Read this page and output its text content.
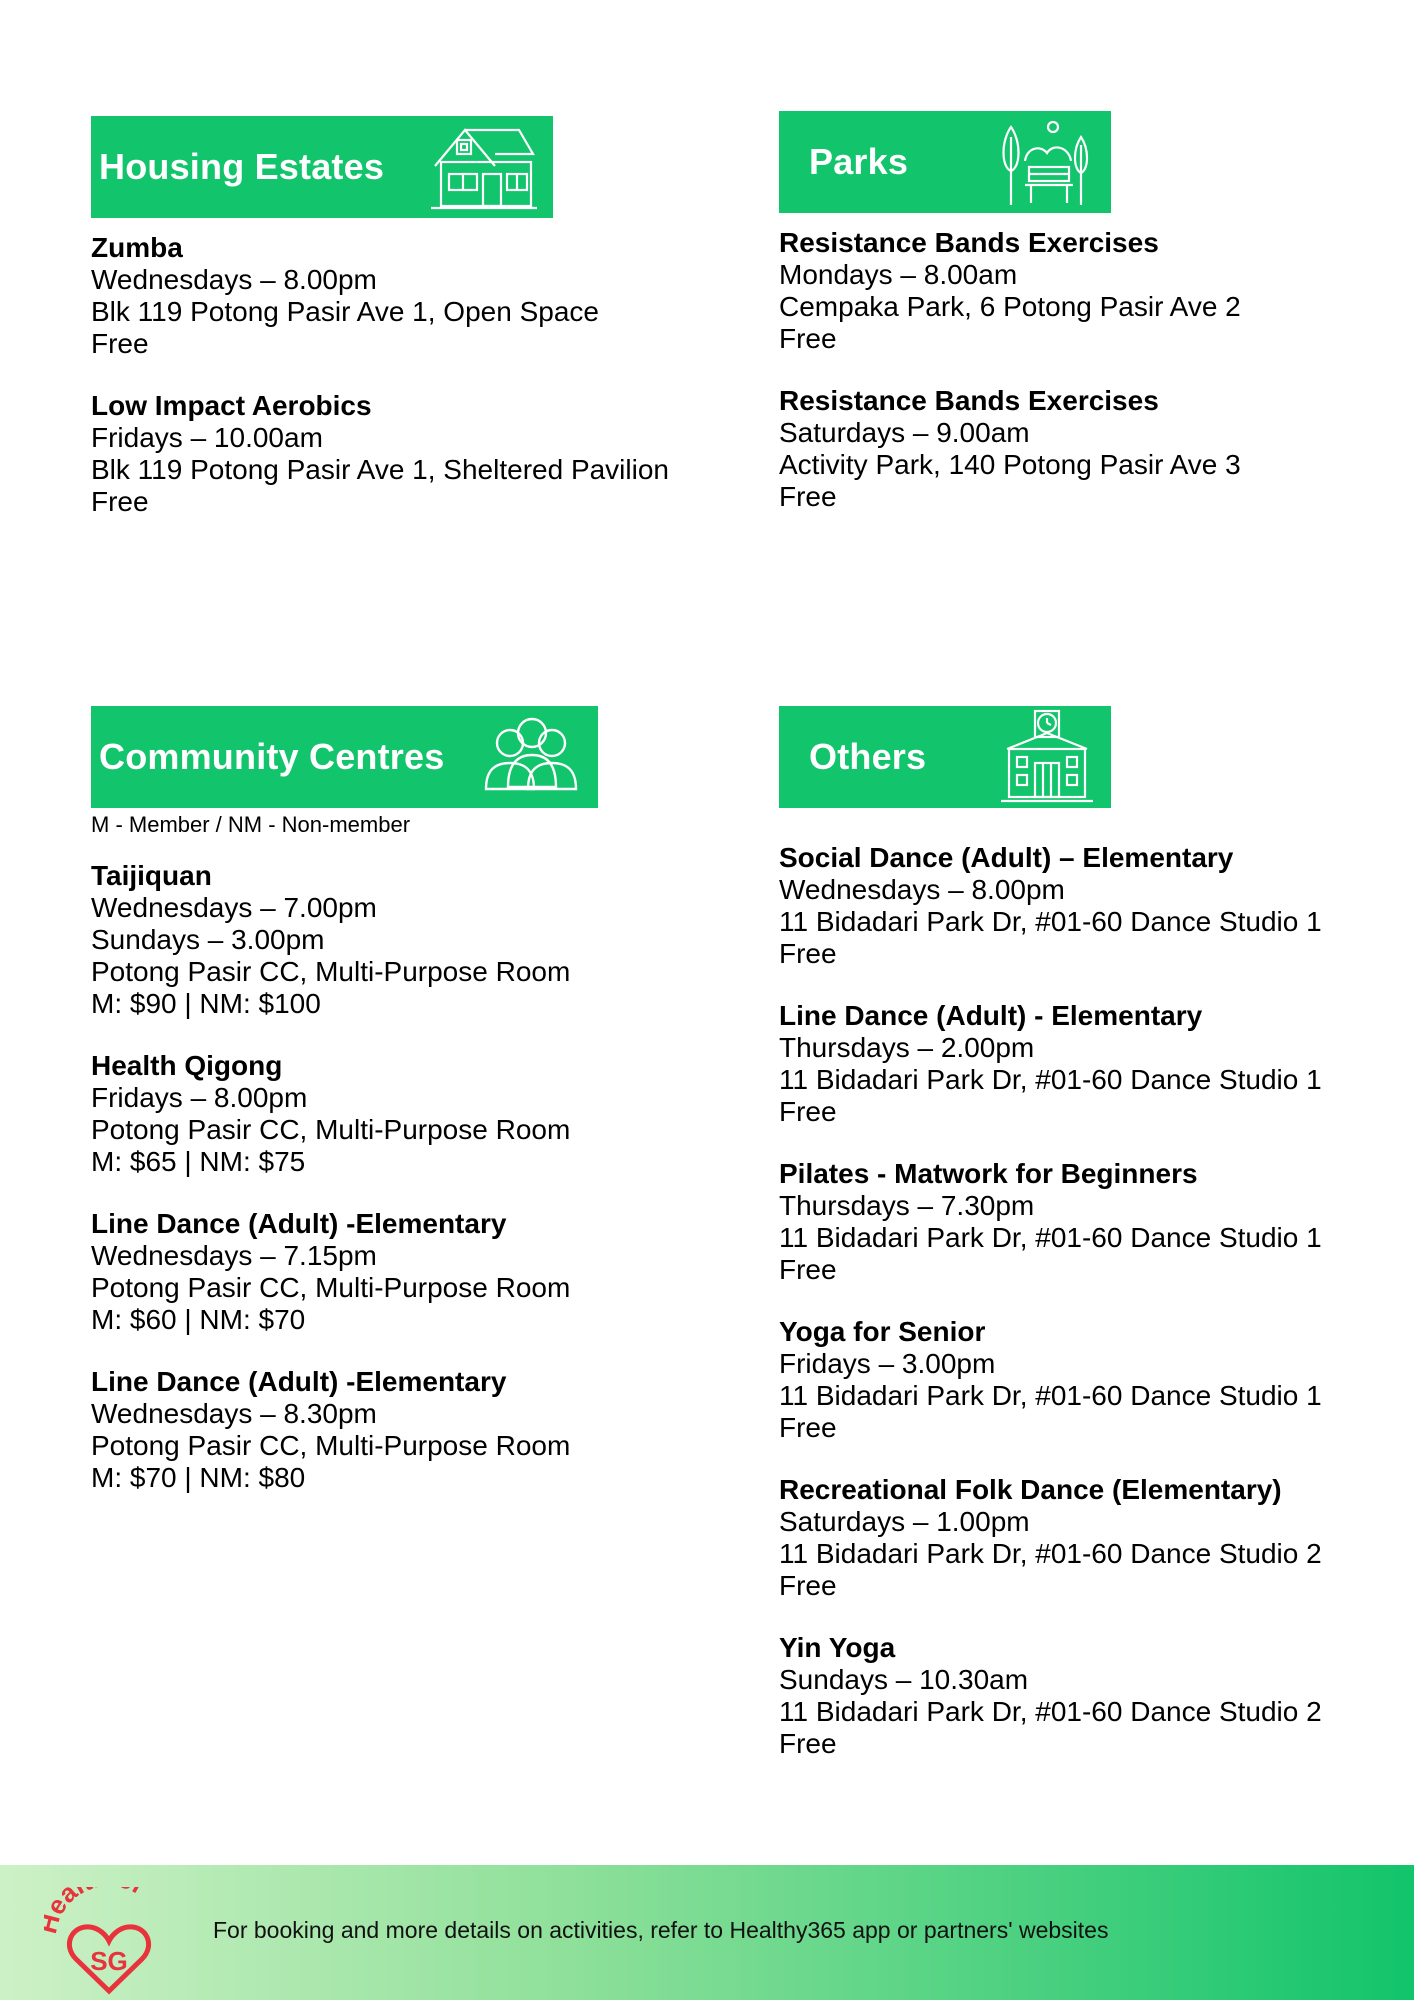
Housing Estates
Zumba
Wednesdays – 8.00pm
Blk 119 Potong Pasir Ave 1, Open Space
Free
Low Impact Aerobics
Fridays – 10.00am
Blk 119 Potong Pasir Ave 1, Sheltered Pavilion
Free
Parks
Resistance Bands Exercises
Mondays – 8.00am
Cempaka Park, 6 Potong Pasir Ave 2
Free
Resistance Bands Exercises
Saturdays – 9.00am
Activity Park, 140 Potong Pasir Ave 3
Free
Community Centres
M - Member / NM - Non-member
Taijiquan
Wednesdays – 7.00pm
Sundays – 3.00pm
Potong Pasir CC, Multi-Purpose Room
M: $90 | NM: $100
Health Qigong
Fridays – 8.00pm
Potong Pasir CC, Multi-Purpose Room
M: $65 | NM: $75
Line Dance (Adult) -Elementary
Wednesdays – 7.15pm
Potong Pasir CC, Multi-Purpose Room
M: $60 | NM: $70
Line Dance (Adult) -Elementary
Wednesdays – 8.30pm
Potong Pasir CC, Multi-Purpose Room
M: $70 | NM: $80
Others
Social Dance (Adult) – Elementary
Wednesdays – 8.00pm
11 Bidadari Park Dr, #01-60 Dance Studio 1
Free
Line Dance (Adult) - Elementary
Thursdays – 2.00pm
11 Bidadari Park Dr, #01-60 Dance Studio 1
Free
Pilates - Matwork for Beginners
Thursdays – 7.30pm
11 Bidadari Park Dr, #01-60 Dance Studio 1
Free
Yoga for Senior
Fridays – 3.00pm
11 Bidadari Park Dr, #01-60 Dance Studio 1
Free
Recreational Folk Dance (Elementary)
Saturdays – 1.00pm
11 Bidadari Park Dr, #01-60 Dance Studio 2
Free
Yin Yoga
Sundays – 10.30am
11 Bidadari Park Dr, #01-60 Dance Studio 2
Free
a
SG
For booking and more details on activities, refer to Healthy365 app or partners' websites
